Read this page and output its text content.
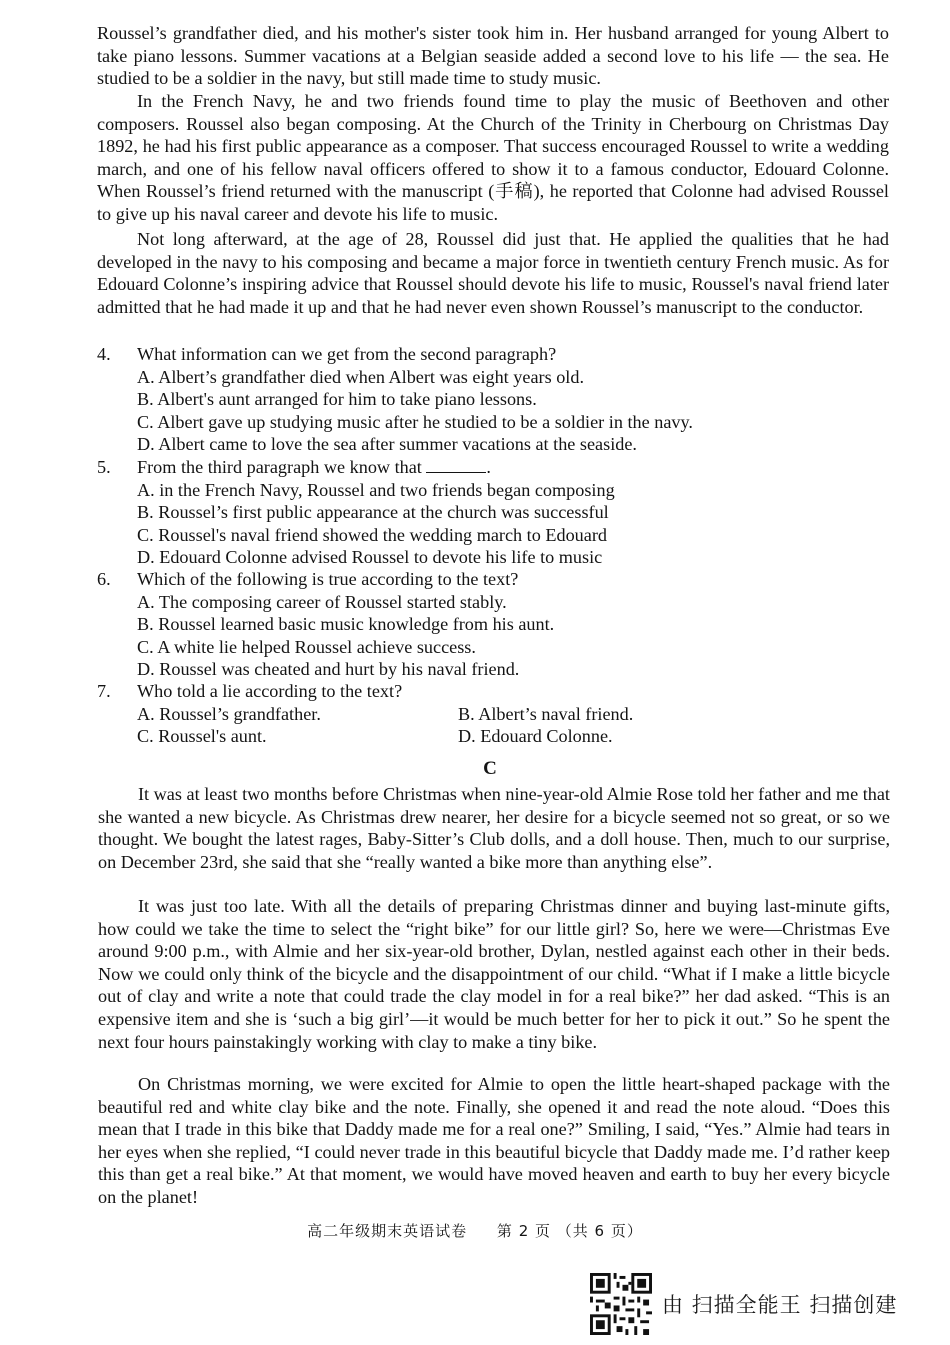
Roussel’s grandfather died, and his mother's sister took him in. Her husband arranged for young Albert to take piano lessons. Summer vacations at a Belgian seaside added a second love to his life — the sea. He studied to be a soldier in the navy, but still made time to study music.

In the French Navy, he and two friends found time to play the music of Beethoven and other composers. Roussel also began composing. At the Church of the Trinity in Cherbourg on Christmas Day 1892, he had his first public appearance as a composer. That success encouraged Roussel to write a wedding march, and one of his fellow naval officers offered to show it to a famous conductor, Edouard Colonne. When Roussel’s friend returned with the manuscript (手稿), he reported that Colonne had advised Roussel to give up his naval career and devote his life to music.

Not long afterward, at the age of 28, Roussel did just that. He applied the qualities that he had developed in the navy to his composing and became a major force in twentieth century French music. As for Edouard Colonne’s inspiring advice that Roussel should devote his life to music, Roussel's naval friend later admitted that he had made it up and that he had never even shown Roussel’s manuscript to the conductor.

4. What information can we get from the second paragraph?
A. Albert’s grandfather died when Albert was eight years old.
B. Albert's aunt arranged for him to take piano lessons.
C. Albert gave up studying music after he studied to be a soldier in the navy.
D. Albert came to love the sea after summer vacations at the seaside.
5. From the third paragraph we know that	.
A. in the French Navy, Roussel and two friends began composing
B. Roussel’s first public appearance at the church was successful
C. Roussel's naval friend showed the wedding march to Edouard
D. Edouard Colonne advised Roussel to devote his life to music
6. Which of the following is true according to the text?
A. The composing career of Roussel started stably.
B. Roussel learned basic music knowledge from his aunt.
C. A white lie helped Roussel achieve success.
D. Roussel was cheated and hurt by his naval friend.
7. Who told a lie according to the text?
A. Roussel’s grandfather.	B. Albert’s naval friend.
C. Roussel's aunt.	D. Edouard Colonne.
C

It was at least two months before Christmas when nine-year-old Almie Rose told her father and me that she wanted a new bicycle. As Christmas drew nearer, her desire for a bicycle seemed not so great, or so we thought. We bought the latest rages, Baby-Sitter’s Club dolls, and a doll house. Then, much to our surprise, on December 23rd, she said that she “really wanted a bike more than anything else”.

It was just too late. With all the details of preparing Christmas dinner and buying last-minute gifts, how could we take the time to select the “right bike” for our little girl? So, here we were—Christmas Eve around 9:00 p.m., with Almie and her six-year-old brother, Dylan, nestled against each other in their beds. Now we could only think of the bicycle and the disappointment of our child. “What if I make a little bicycle out of clay and write a note that could trade the clay model in for a real bike?” her dad asked. “This is an expensive item and she is ‘such a big girl’—it would be much better for her to pick it out.” So he spent the next four hours painstakingly working with clay to make a tiny bike.

On Christmas morning, we were excited for Almie to open the little heart-shaped package with the beautiful red and white clay bike and the note. Finally, she opened it and read the note aloud. “Does this mean that I trade in this bike that Daddy made me for a real one?” Smiling, I said, “Yes.” Almie had tears in her eyes when she replied, “I could never trade in this beautiful bicycle that Daddy made me. I’d rather keep this than get a real bike.” At that moment, we would have moved heaven and earth to buy her every bicycle on the planet!

高二年级期末英语试卷 第 2 页 （共 6 页）
由 扫描全能王 扫描创建
